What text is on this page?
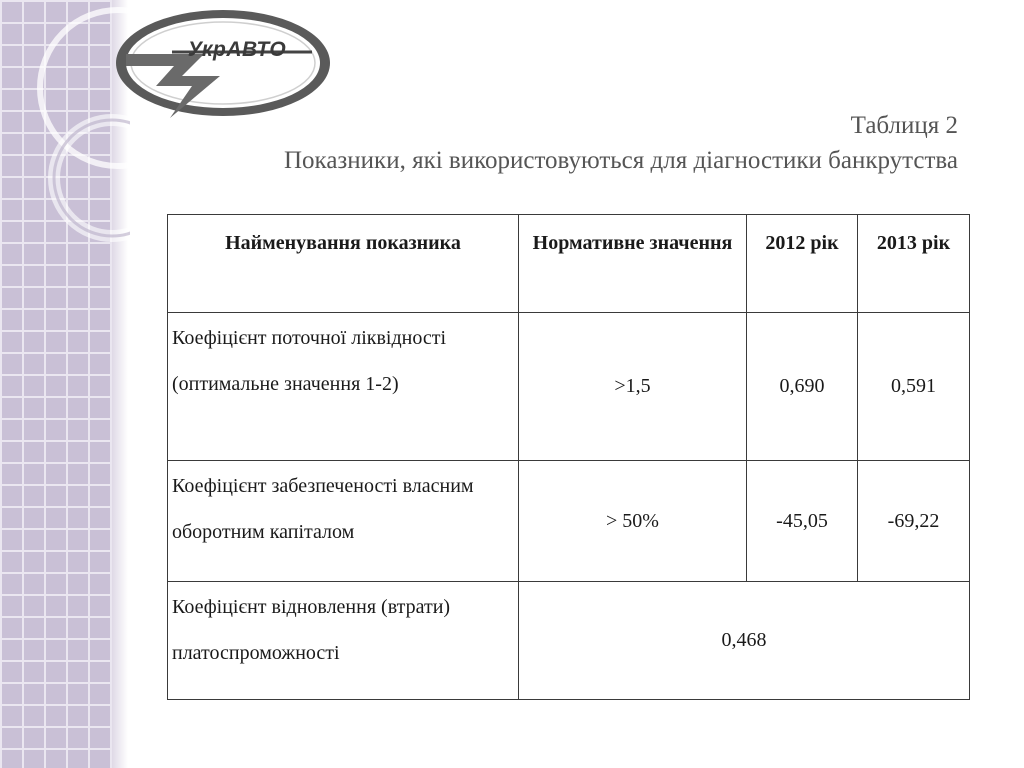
УкрАВТО
Таблиця 2
Показники, які використовуються для діагностики банкрутства
Найменування показника	Нормативне значення	2012 рік	2013 рік
Коефіцієнт поточної ліквідності (оптимальне значення 1-2)	>1,5	0,690	0,591
Коефіцієнт забезпеченості власним оборотним капіталом	> 50%	-45,05	-69,22
Коефіцієнт відновлення (втрати) платоспроможності	0,468		
